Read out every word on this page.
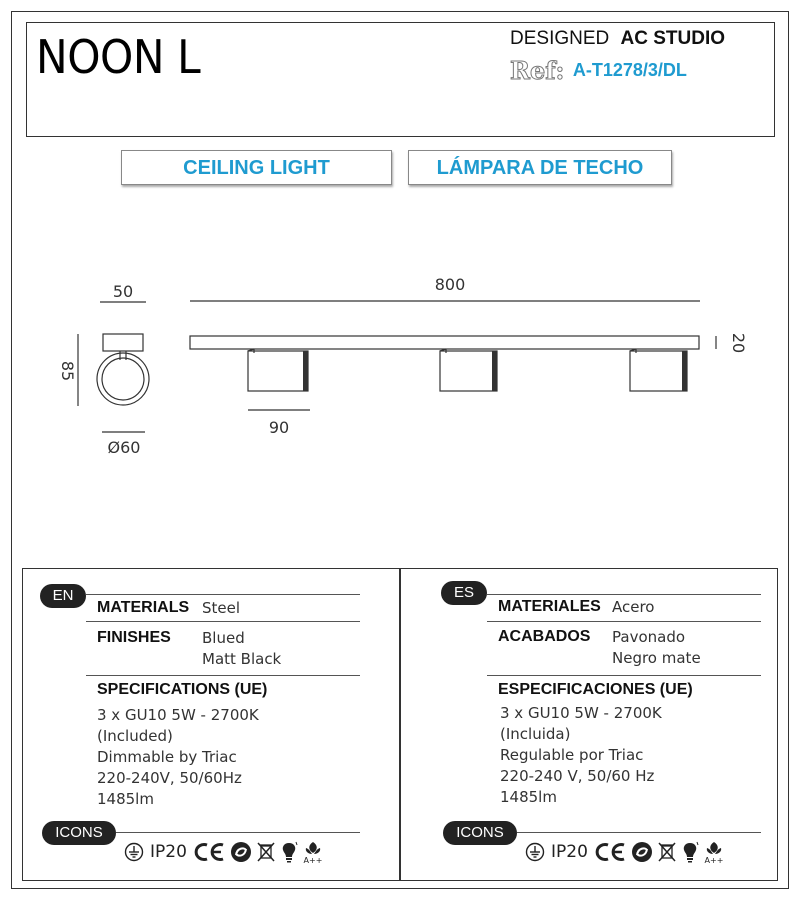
NOON L	DESIGNED AC STUDIO
Ref: A-T1278/3/DL
CEILING LIGHT	LÁMPARA DE TECHO
50
85
Ø60
800
20
90
EN
MATERIALS Steel
FINISHES Blued
Matt Black
SPECIFICATIONS (UE)
3 x GU10 5W - 2700K
(Included)
Dimmable by Triac
220-240V, 50/60Hz
1485lm
ICONS
IP20	A++
ES
MATERIALES Acero
ACABADOS Pavonado
Negro mate
ESPECIFICACIONES (UE)
3 x GU10 5W - 2700K
(Incluida)
Regulable por Triac
220-240 V, 50/60 Hz
1485lm
ICONS
IP20	A++
